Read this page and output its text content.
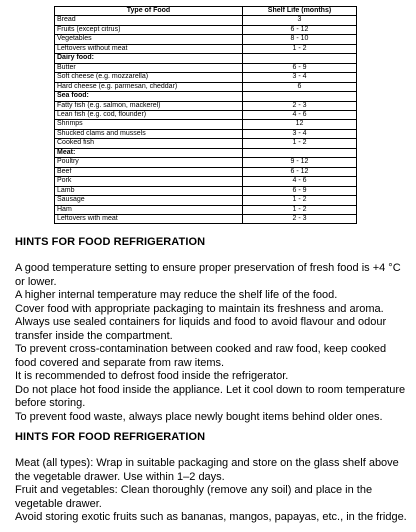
Type of Food	Shelf Life (months)
Bread	3
Fruits (except citrus)	6 - 12
Vegetables	8 - 10
Leftovers without meat	1 - 2
Dairy food:	
Butter	6 - 9
Soft cheese (e.g. mozzarella)	3 - 4
Hard cheese (e.g. parmesan, cheddar)	6
Sea food:	
Fatty fish (e.g. salmon, mackerel)	2 - 3
Lean fish (e.g. cod, flounder)	4 - 6
Shrimps	12
Shucked clams and mussels	3 - 4
Cooked fish	1 - 2
Meat:	
Poultry	9 - 12
Beef	6 - 12
Pork	4 - 6
Lamb	6 - 9
Sausage	1 - 2
Ham	1 - 2
Leftovers with meat	2 - 3
HINTS FOR FOOD REFRIGERATION

A good temperature setting to ensure proper preservation of fresh food is +4 °C or lower.

A higher internal temperature may reduce the shelf life of the food.

Cover food with appropriate packaging to maintain its freshness and aroma.

Always use sealed containers for liquids and food to avoid flavour and odour transfer inside the compartment.

To prevent cross-contamination between cooked and raw food, keep cooked food covered and separate from raw items.

It is recommended to defrost food inside the refrigerator.

Do not place hot food inside the appliance. Let it cool down to room temperature before storing.

To prevent food waste, always place newly bought items behind older ones.

HINTS FOR FOOD REFRIGERATION

Meat (all types): Wrap in suitable packaging and store on the glass shelf above the vegetable drawer. Use within 1–2 days.

Fruit and vegetables: Clean thoroughly (remove any soil) and place in the vegetable drawer.

Avoid storing exotic fruits such as bananas, mangos, papayas, etc., in the fridge.
